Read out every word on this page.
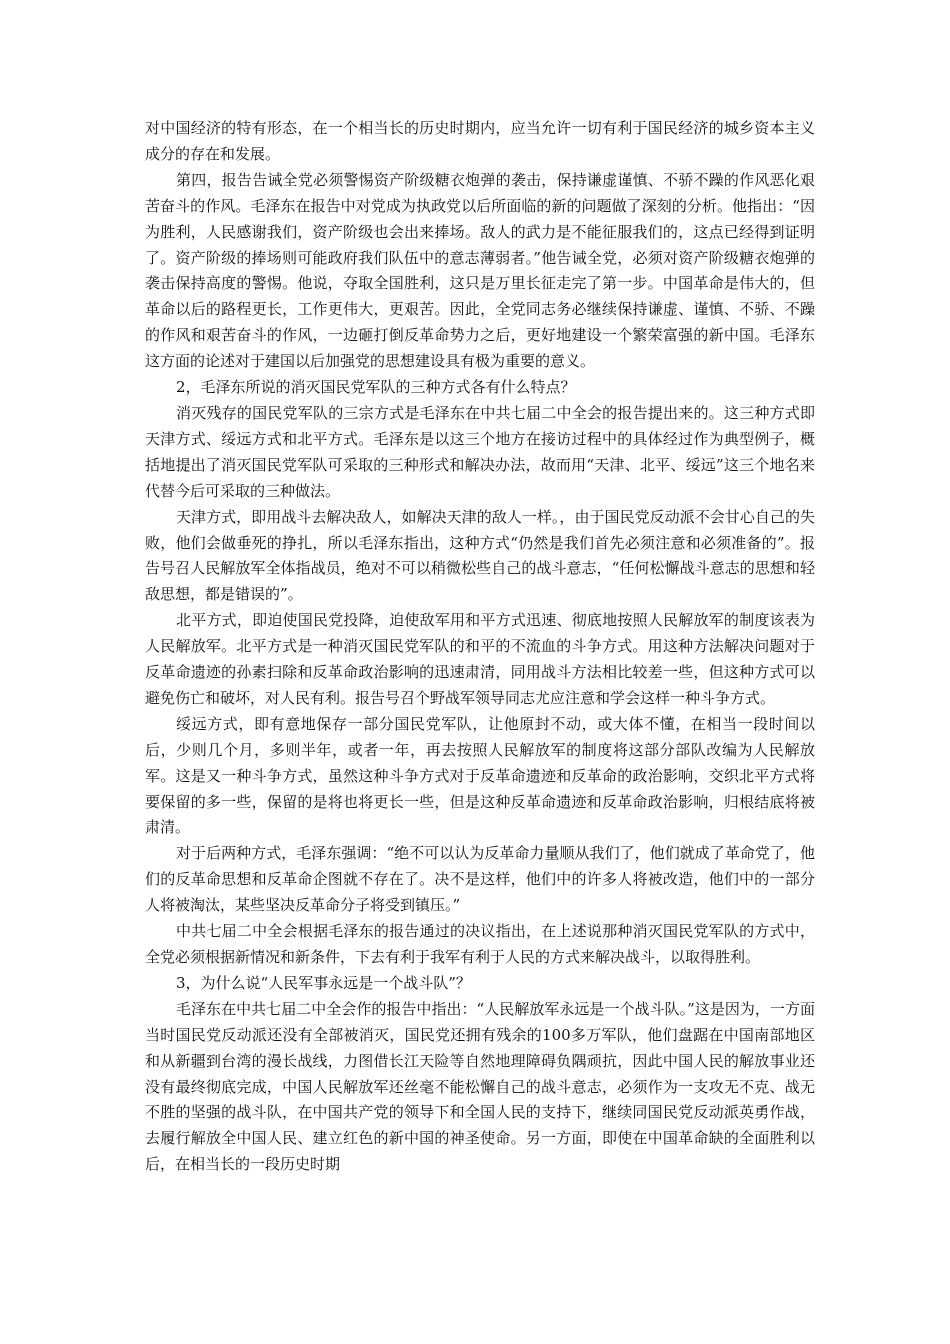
对中国经济的特有形态，在一个相当长的历史时期内，应当允许一切有利于国民经济的城乡资本主义成分的存在和发展。

第四，报告告诫全党必须警惕资产阶级糖衣炮弹的袭击，保持谦虚谨慎、不骄不躁的作风恶化艰苦奋斗的作风。毛泽东在报告中对党成为执政党以后所面临的新的问题做了深刻的分析。他指出：“因为胜利，人民感谢我们，资产阶级也会出来捧场。敌人的武力是不能征服我们的，这点已经得到证明了。资产阶级的捧场则可能政府我们队伍中的意志薄弱者。”他告诫全党，必须对资产阶级糖衣炮弹的袭击保持高度的警惕。他说，夺取全国胜利，这只是万里长征走完了第一步。中国革命是伟大的，但革命以后的路程更长，工作更伟大，更艰苦。因此，全党同志务必继续保持谦虚、谨慎、不骄、不躁的作风和艰苦奋斗的作风，一边砸打倒反革命势力之后，更好地建设一个繁荣富强的新中国。毛泽东这方面的论述对于建国以后加强党的思想建设具有极为重要的意义。

2，毛泽东所说的消灭国民党军队的三种方式各有什么特点？

消灭残存的国民党军队的三宗方式是毛泽东在中共七届二中全会的报告提出来的。这三种方式即天津方式、绥远方式和北平方式。毛泽东是以这三个地方在接访过程中的具体经过作为典型例子，概括地提出了消灭国民党军队可采取的三种形式和解决办法，故而用“天津、北平、绥远”这三个地名来代替今后可采取的三种做法。

天津方式，即用战斗去解决敌人，如解决天津的敌人一样。，由于国民党反动派不会甘心自己的失败，他们会做垂死的挣扎，所以毛泽东指出，这种方式“仍然是我们首先必须注意和必须准备的”。报告号召人民解放军全体指战员，绝对不可以稍微松些自己的战斗意志，“任何松懈战斗意志的思想和轻敌思想，都是错误的”。

北平方式，即迫使国民党投降，迫使敌军用和平方式迅速、彻底地按照人民解放军的制度该表为人民解放军。北平方式是一种消灭国民党军队的和平的不流血的斗争方式。用这种方法解决问题对于反革命遗迹的孙素扫除和反革命政治影响的迅速肃清，同用战斗方法相比较差一些，但这种方式可以避免伤亡和破坏，对人民有利。报告号召个野战军领导同志尤应注意和学会这样一种斗争方式。

绥远方式，即有意地保存一部分国民党军队，让他原封不动，或大体不懂，在相当一段时间以后，少则几个月，多则半年，或者一年，再去按照人民解放军的制度将这部分部队改编为人民解放军。这是又一种斗争方式，虽然这种斗争方式对于反革命遗迹和反革命的政治影响，交织北平方式将要保留的多一些，保留的是将也将更长一些，但是这种反革命遗迹和反革命政治影响，归根结底将被肃清。

对于后两种方式，毛泽东强调：“绝不可以认为反革命力量顺从我们了，他们就成了革命党了，他们的反革命思想和反革命企图就不存在了。决不是这样，他们中的许多人将被改造，他们中的一部分人将被淘汰，某些坚决反革命分子将受到镇压。”

中共七届二中全会根据毛泽东的报告通过的决议指出，在上述说那种消灭国民党军队的方式中，全党必须根据新情况和新条件，下去有利于我军有利于人民的方式来解决战斗，以取得胜利。

3，为什么说“人民军事永远是一个战斗队”？

毛泽东在中共七届二中全会作的报告中指出：“人民解放军永远是一个战斗队。”这是因为，一方面当时国民党反动派还没有全部被消灭，国民党还拥有残余的100多万军队，他们盘踞在中国南部地区和从新疆到台湾的漫长战线，力图借长江天险等自然地理障碍负隅顽抗，因此中国人民的解放事业还没有最终彻底完成，中国人民解放军还丝毫不能松懈自己的战斗意志，必须作为一支攻无不克、战无不胜的坚强的战斗队，在中国共产党的领导下和全国人民的支持下，继续同国民党反动派英勇作战，去履行解放全中国人民、建立红色的新中国的神圣使命。另一方面，即使在中国革命缺的全面胜利以后，在相当长的一段历史时期
